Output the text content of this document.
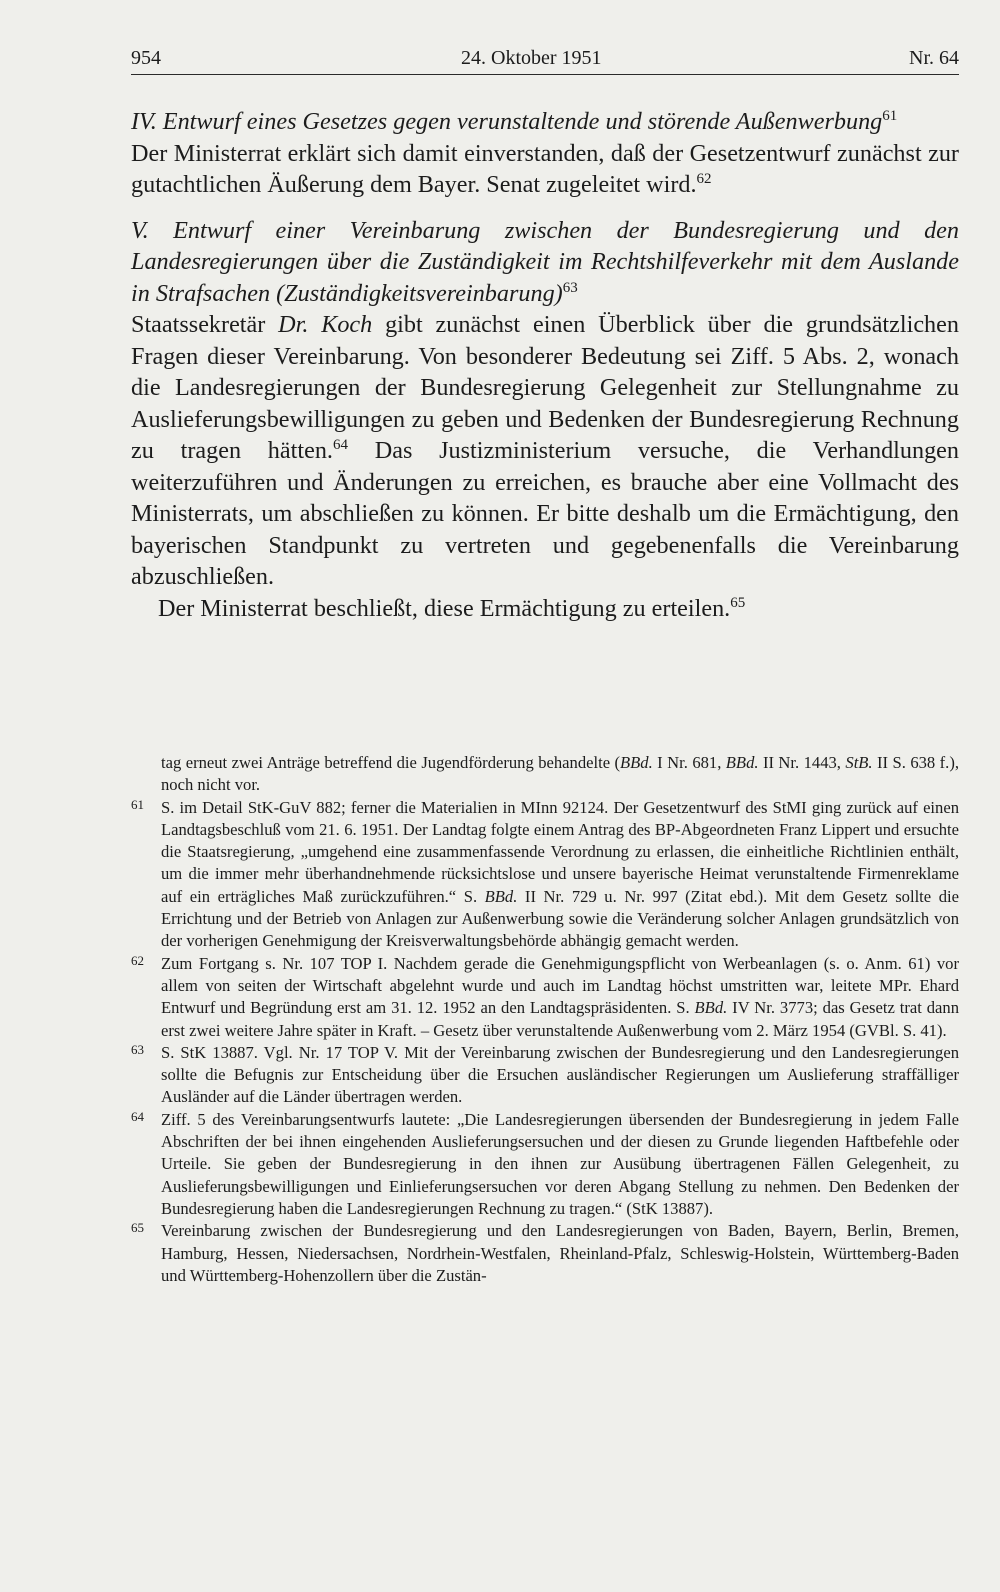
954	24. Oktober 1951	Nr. 64

IV. Entwurf eines Gesetzes gegen verunstaltende und störende Außenwerbung$^{61}$

Der Ministerrat erklärt sich damit einverstanden, daß der Gesetzentwurf zunächst zur gutachtlichen Äußerung dem Bayer. Senat zugeleitet wird.$^{62}$

V. Entwurf einer Vereinbarung zwischen der Bundesregierung und den Landesregierungen über die Zuständigkeit im Rechtshilfeverkehr mit dem Auslande in Strafsachen (Zuständigkeitsvereinbarung)$^{63}$

Staatssekretär Dr. Koch gibt zunächst einen Überblick über die grundsätzlichen Fragen dieser Vereinbarung. Von besonderer Bedeutung sei Ziff. 5 Abs. 2, wonach die Landesregierungen der Bundesregierung Gelegenheit zur Stellungnahme zu Auslieferungsbewilligungen zu geben und Bedenken der Bundesregierung Rechnung zu tragen hätten.$^{64}$ Das Justizministerium versuche, die Verhandlungen weiterzuführen und Änderungen zu erreichen, es brauche aber eine Vollmacht des Ministerrats, um abschließen zu können. Er bitte deshalb um die Ermächtigung, den bayerischen Standpunkt zu vertreten und gegebenenfalls die Vereinbarung abzuschließen.

Der Ministerrat beschließt, diese Ermächtigung zu erteilen.$^{65}$

tag erneut zwei Anträge betreffend die Jugendförderung behandelte (BBd. I Nr. 681, BBd. II Nr. 1443, StB. II S. 638 f.), noch nicht vor.

61 S. im Detail StK-GuV 882; ferner die Materialien in MInn 92124. Der Gesetzentwurf des StMI ging zurück auf einen Landtagsbeschluß vom 21. 6. 1951. Der Landtag folgte einem Antrag des BP-Abgeordneten Franz Lippert und ersuchte die Staatsregierung, „umgehend eine zusammenfassende Verordnung zu erlassen, die einheitliche Richtlinien enthält, um die immer mehr überhandnehmende rücksichtslose und unsere bayerische Heimat verunstaltende Firmenreklame auf ein erträgliches Maß zurückzuführen.“ S. BBd. II Nr. 729 u. Nr. 997 (Zitat ebd.). Mit dem Gesetz sollte die Errichtung und der Betrieb von Anlagen zur Außenwerbung sowie die Veränderung solcher Anlagen grundsätzlich von der vorherigen Genehmigung der Kreisverwaltungsbehörde abhängig gemacht werden.

62 Zum Fortgang s. Nr. 107 TOP I. Nachdem gerade die Genehmigungspflicht von Werbeanlagen (s. o. Anm. 61) vor allem von seiten der Wirtschaft abgelehnt wurde und auch im Landtag höchst umstritten war, leitete MPr. Ehard Entwurf und Begründung erst am 31. 12. 1952 an den Landtagspräsidenten. S. BBd. IV Nr. 3773; das Gesetz trat dann erst zwei weitere Jahre später in Kraft. – Gesetz über verunstaltende Außenwerbung vom 2. März 1954 (GVBl. S. 41).

63 S. StK 13887. Vgl. Nr. 17 TOP V. Mit der Vereinbarung zwischen der Bundesregierung und den Landesregierungen sollte die Befugnis zur Entscheidung über die Ersuchen ausländischer Regierungen um Auslieferung straffälliger Ausländer auf die Länder übertragen werden.

64 Ziff. 5 des Vereinbarungsentwurfs lautete: „Die Landesregierungen übersenden der Bundesregierung in jedem Falle Abschriften der bei ihnen eingehenden Auslieferungsersuchen und der diesen zu Grunde liegenden Haftbefehle oder Urteile. Sie geben der Bundesregierung in den ihnen zur Ausübung übertragenen Fällen Gelegenheit, zu Auslieferungsbewilligungen und Einlieferungsersuchen vor deren Abgang Stellung zu nehmen. Den Bedenken der Bundesregierung haben die Landesregierungen Rechnung zu tragen.“ (StK 13887).

65 Vereinbarung zwischen der Bundesregierung und den Landesregierungen von Baden, Bayern, Berlin, Bremen, Hamburg, Hessen, Niedersachsen, Nordrhein-Westfalen, Rheinland-Pfalz, Schleswig-Holstein, Württemberg-Baden und Württemberg-Hohenzollern über die Zustän-
